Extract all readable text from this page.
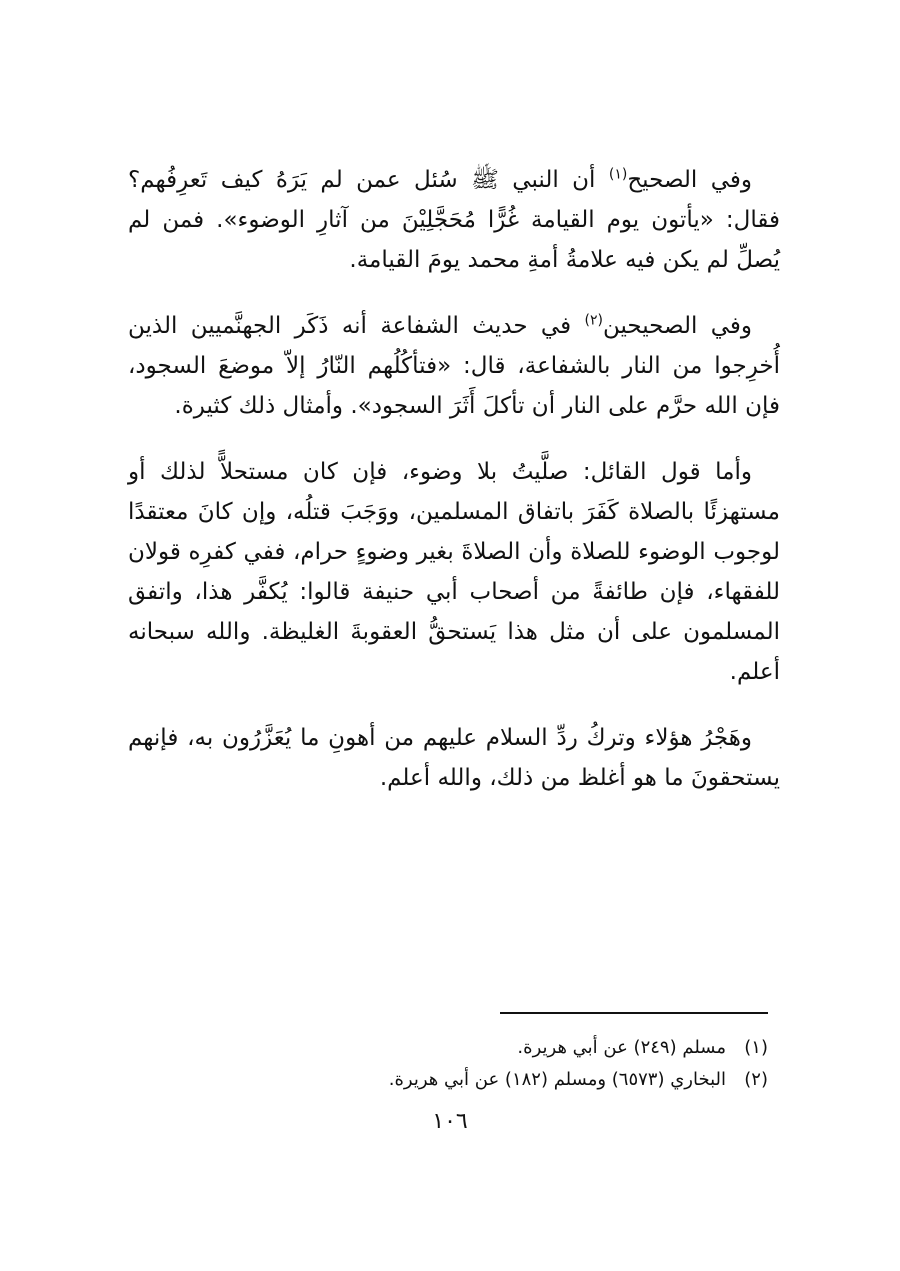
وفي الصحيح$^{(١)}$ أن النبي ﷺ سُئل عمن لم يَرَهُ كيف تَعرِفُهم؟ فقال: «يأتون يوم القيامة غُرًّا مُحَجَّلِيْنَ من آثارِ الوضوء». فمن لم يُصلِّ لم يكن فيه علامةُ أمةِ محمد يومَ القيامة.

وفي الصحيحين$^{(٢)}$ في حديث الشفاعة أنه ذَكَر الجهنَّميين الذين أُخرِجوا من النار بالشفاعة، قال: «فتأكُلُهم النّارُ إلاّ موضعَ السجود، فإن الله حرَّم على النار أن تأكلَ أَثَرَ السجود». وأمثال ذلك كثيرة.

وأما قول القائل: صلَّيتُ بلا وضوء، فإن كان مستحلاًّ لذلك أو مستهزئًا بالصلاة كَفَرَ باتفاق المسلمين، ووَجَبَ قتلُه، وإن كانَ معتقدًا لوجوب الوضوء للصلاة وأن الصلاةَ بغير وضوءٍ حرام، ففي كفرِه قولان للفقهاء، فإن طائفةً من أصحاب أبي حنيفة قالوا: يُكفَّر هذا، واتفق المسلمون على أن مثل هذا يَستحقُّ العقوبةَ الغليظة. والله سبحانه أعلم.

وهَجْرُ هؤلاء وتركُ ردِّ السلام عليهم من أهونِ ما يُعَزَّرُون به، فإنهم يستحقونَ ما هو أغلظ من ذلك، والله أعلم.

(١)
مسلم (٢٤٩) عن أبي هريرة.

(٢)
البخاري (٦٥٧٣) ومسلم (١٨٢) عن أبي هريرة.

١٠٦
